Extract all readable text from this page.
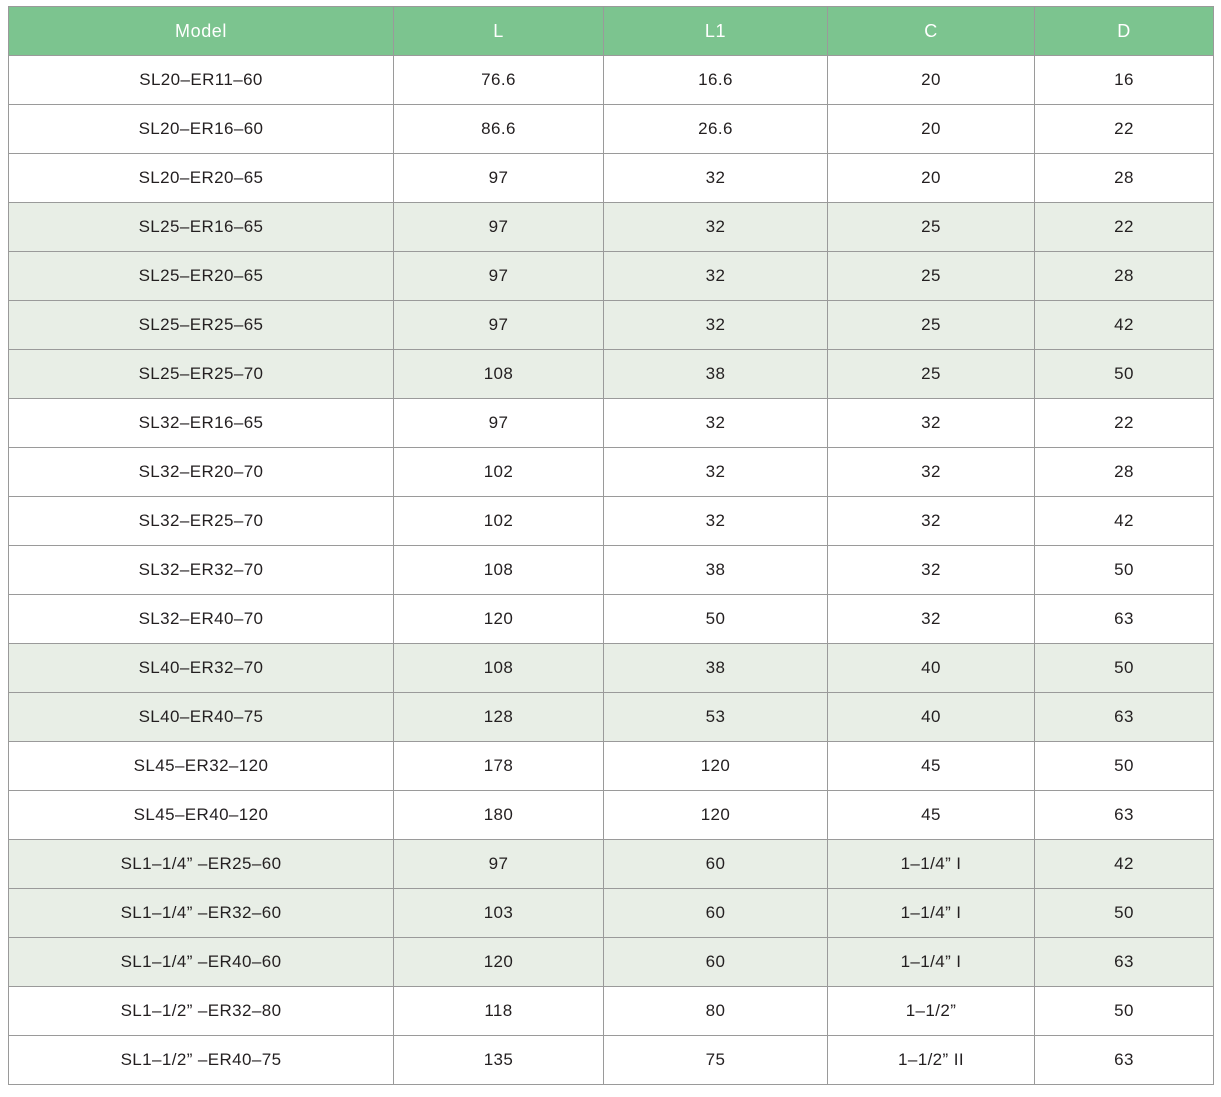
Model	L	L1	C	D
SL20–ER11–60	76.6	16.6	20	16
SL20–ER16–60	86.6	26.6	20	22
SL20–ER20–65	97	32	20	28
SL25–ER16–65	97	32	25	22
SL25–ER20–65	97	32	25	28
SL25–ER25–65	97	32	25	42
SL25–ER25–70	108	38	25	50
SL32–ER16–65	97	32	32	22
SL32–ER20–70	102	32	32	28
SL32–ER25–70	102	32	32	42
SL32–ER32–70	108	38	32	50
SL32–ER40–70	120	50	32	63
SL40–ER32–70	108	38	40	50
SL40–ER40–75	128	53	40	63
SL45–ER32–120	178	120	45	50
SL45–ER40–120	180	120	45	63
SL1–1/4” –ER25–60	97	60	1–1/4” I	42
SL1–1/4” –ER32–60	103	60	1–1/4” I	50
SL1–1/4” –ER40–60	120	60	1–1/4” I	63
SL1–1/2” –ER32–80	118	80	1–1/2”	50
SL1–1/2” –ER40–75	135	75	1–1/2” II	63
